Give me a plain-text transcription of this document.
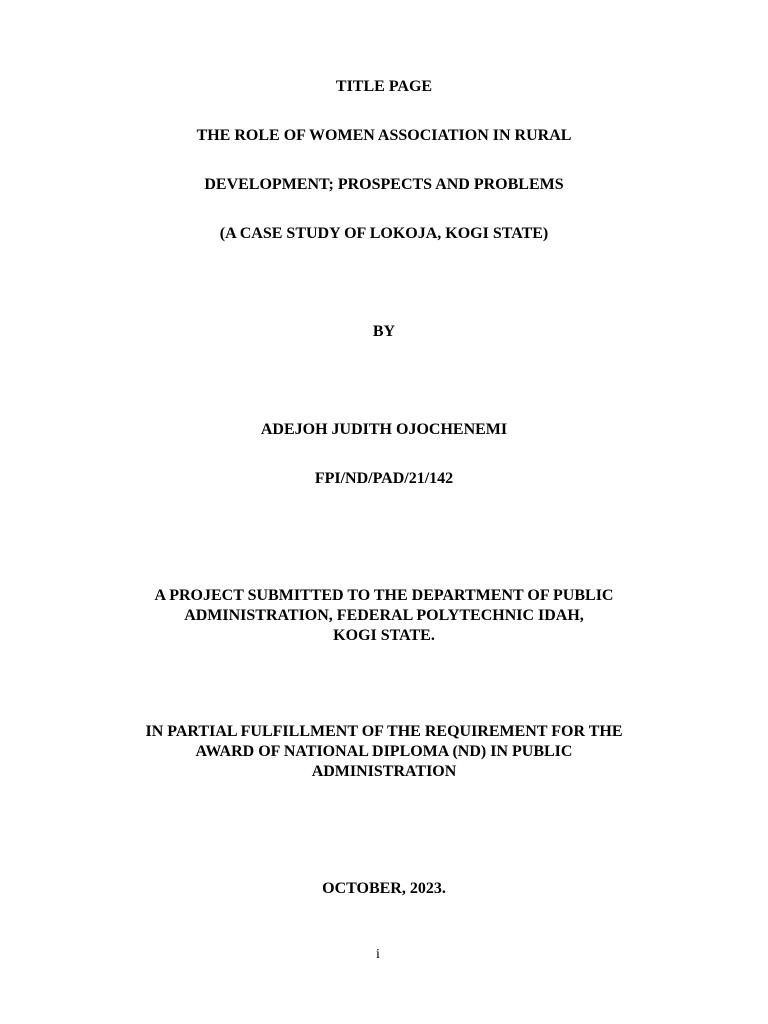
TITLE PAGE
THE ROLE OF WOMEN ASSOCIATION IN RURAL
DEVELOPMENT; PROSPECTS AND PROBLEMS
(A CASE STUDY OF LOKOJA, KOGI STATE)
BY
ADEJOH JUDITH OJOCHENEMI
FPI/ND/PAD/21/142
A PROJECT SUBMITTED TO THE DEPARTMENT OF PUBLIC
ADMINISTRATION, FEDERAL POLYTECHNIC IDAH,
KOGI STATE.
IN PARTIAL FULFILLMENT OF THE REQUIREMENT FOR THE
AWARD OF NATIONAL DIPLOMA (ND) IN PUBLIC
ADMINISTRATION
OCTOBER, 2023.
i
